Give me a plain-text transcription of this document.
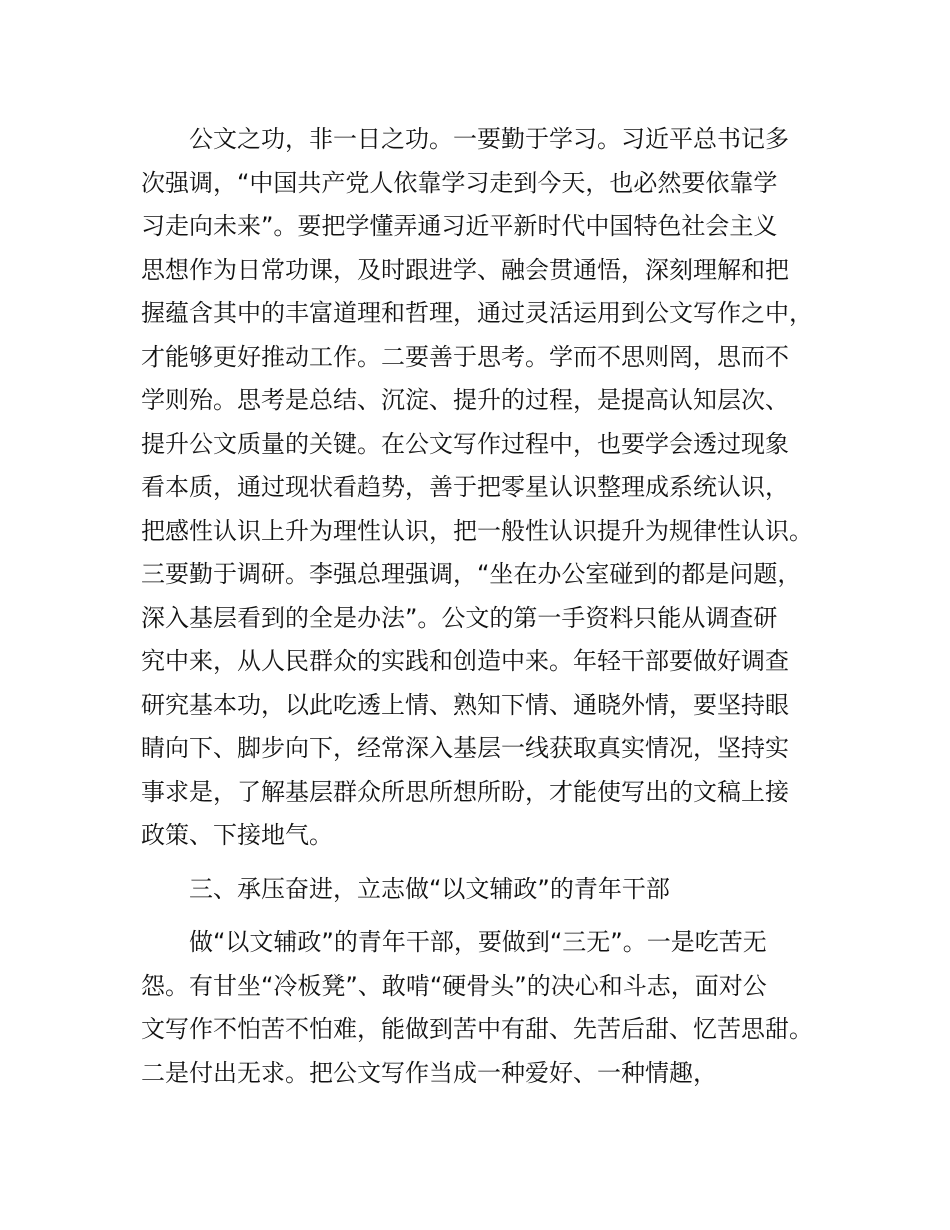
公文之功，非一日之功。一要勤于学习。习近平总书记多
次强调，“中国共产党人依靠学习走到今天，也必然要依靠学
习走向未来”。要把学懂弄通习近平新时代中国特色社会主义
思想作为日常功课，及时跟进学、融会贯通悟，深刻理解和把
握蕴含其中的丰富道理和哲理，通过灵活运用到公文写作之中，
才能够更好推动工作。二要善于思考。学而不思则罔，思而不
学则殆。思考是总结、沉淀、提升的过程，是提高认知层次、
提升公文质量的关键。在公文写作过程中，也要学会透过现象
看本质，通过现状看趋势，善于把零星认识整理成系统认识，
把感性认识上升为理性认识，把一般性认识提升为规律性认识。
三要勤于调研。李强总理强调，“坐在办公室碰到的都是问题，
深入基层看到的全是办法”。公文的第一手资料只能从调查研
究中来，从人民群众的实践和创造中来。年轻干部要做好调查
研究基本功，以此吃透上情、熟知下情、通晓外情，要坚持眼
睛向下、脚步向下，经常深入基层一线获取真实情况，坚持实
事求是，了解基层群众所思所想所盼，才能使写出的文稿上接
政策、下接地气。
三、承压奋进，立志做“以文辅政”的青年干部
做“以文辅政”的青年干部，要做到“三无”。一是吃苦无
怨。有甘坐“冷板凳”、敢啃“硬骨头”的决心和斗志，面对公
文写作不怕苦不怕难，能做到苦中有甜、先苦后甜、忆苦思甜。
二是付出无求。把公文写作当成一种爱好、一种情趣，
